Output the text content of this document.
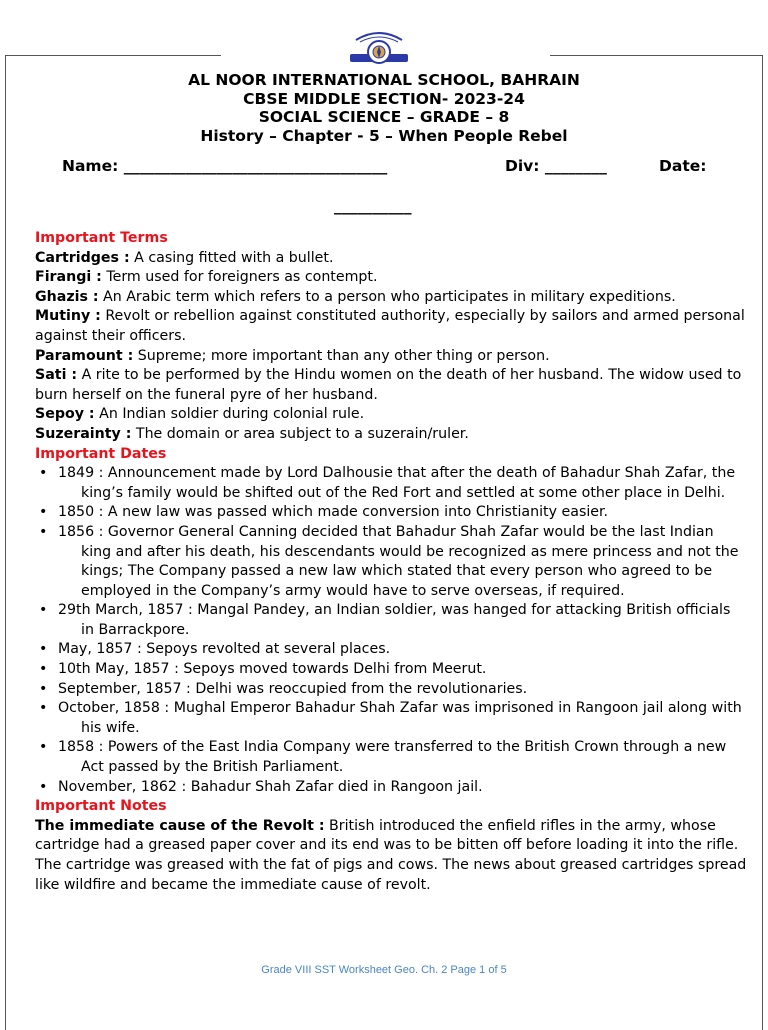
AL NOOR INTERNATIONAL SCHOOL, BAHRAIN
CBSE MIDDLE SECTION- 2023-24
SOCIAL SCIENCE – GRADE – 8
History – Chapter - 5 – When People Rebel
Name: __________________________________	Div: ________	Date:
__________

Important Terms

Cartridges : A casing fitted with a bullet.

Firangi : Term used for foreigners as contempt.

Ghazis : An Arabic term which refers to a person who participates in military expeditions.

Mutiny : Revolt or rebellion against constituted authority, especially by sailors and armed personal against their officers.

Paramount : Supreme; more important than any other thing or person.

Sati : A rite to be performed by the Hindu women on the death of her husband. The widow used to burn herself on the funeral pyre of her husband.

Sepoy : An Indian soldier during colonial rule.

Suzerainty : The domain or area subject to a suzerain/ruler.

Important Dates

• 1849 : Announcement made by Lord Dalhousie that after the death of Bahadur Shah Zafar, the king’s family would be shifted out of the Red Fort and settled at some other place in Delhi.
• 1850 : A new law was passed which made conversion into Christianity easier.
• 1856 : Governor General Canning decided that Bahadur Shah Zafar would be the last Indian king and after his death, his descendants would be recognized as mere princess and not the kings; The Company passed a new law which stated that every person who agreed to be employed in the Company’s army would have to serve overseas, if required.
• 29th March, 1857 : Mangal Pandey, an Indian soldier, was hanged for attacking British officials in Barrackpore.
• May, 1857 : Sepoys revolted at several places.
• 10th May, 1857 : Sepoys moved towards Delhi from Meerut.
• September, 1857 : Delhi was reoccupied from the revolutionaries.
• October, 1858 : Mughal Emperor Bahadur Shah Zafar was imprisoned in Rangoon jail along with his wife.
• 1858 : Powers of the East India Company were transferred to the British Crown through a new Act passed by the British Parliament.
• November, 1862 : Bahadur Shah Zafar died in Rangoon jail.

Important Notes

The immediate cause of the Revolt : British introduced the enfield rifles in the army, whose cartridge had a greased paper cover and its end was to be bitten off before loading it into the rifle. The cartridge was greased with the fat of pigs and cows. The news about greased cartridges spread like wildfire and became the immediate cause of revolt.

Grade VIII SST Worksheet Geo. Ch. 2 Page 1 of 5
